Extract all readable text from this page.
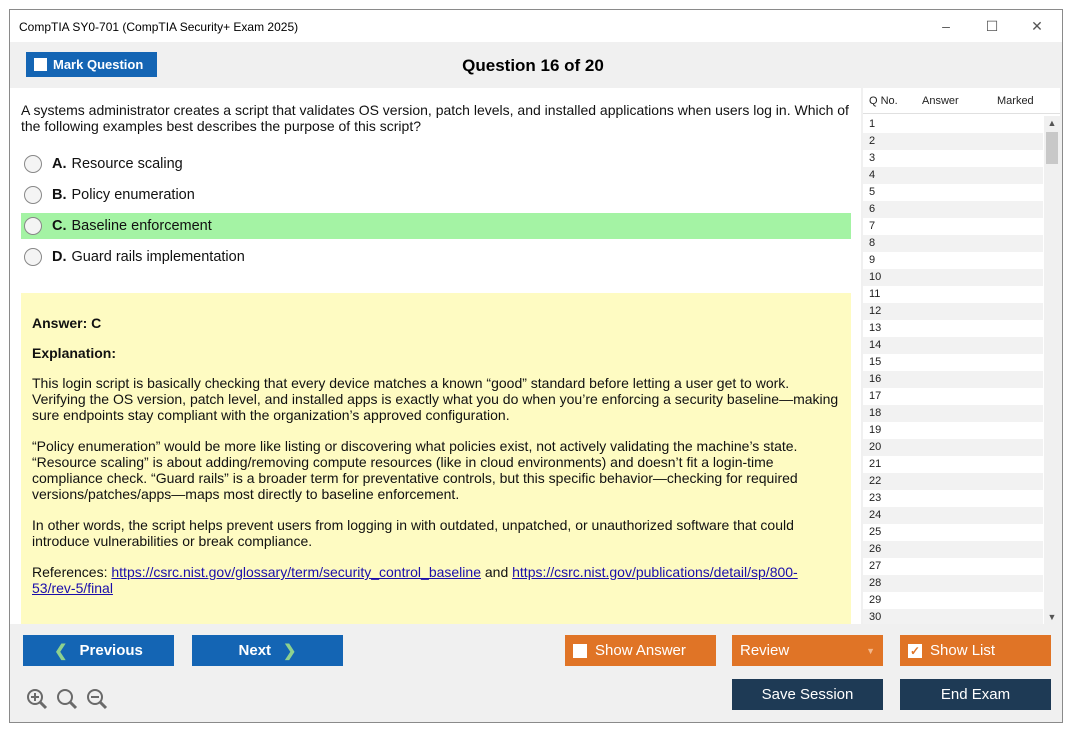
CompTIA SY0-701 (CompTIA Security+ Exam 2025)	–	☐	✕
Mark Question	Question 16 of 20
A systems administrator creates a script that validates OS version, patch levels, and installed applications when users log in. Which of the following examples best describes the purpose of this script?
A. Resource scaling
B. Policy enumeration
C. Baseline enforcement
D. Guard rails implementation
Answer: C
Explanation:

This login script is basically checking that every device matches a known “good” standard before letting a user get to work. Verifying the OS version, patch level, and installed apps is exactly what you do when you’re enforcing a security baseline—making sure endpoints stay compliant with the organization’s approved configuration.

“Policy enumeration” would be more like listing or discovering what policies exist, not actively validating the machine’s state. “Resource scaling” is about adding/removing compute resources (like in cloud environments) and doesn’t fit a login-time compliance check. “Guard rails” is a broader term for preventative controls, but this specific behavior—checking for required versions/patches/apps—maps most directly to baseline enforcement.

In other words, the script helps prevent users from logging in with outdated, unpatched, or unauthorized software that could introduce vulnerabilities or break compliance.

References: https://csrc.nist.gov/glossary/term/security_control_baseline and https://csrc.nist.gov/publications/detail/sp/800-53/rev-5/final

Q No. Answer	Marked
1
2
3
4
5
6
7
8
9
10
11
12
13
14
15
16
17
18
19
20
21
22
23
24
25
26
27
28
29
30
▲
▼
❮ Previous	Next ❯	Show Answer	Review	▼	✓ Show List
Save Session	End Exam
